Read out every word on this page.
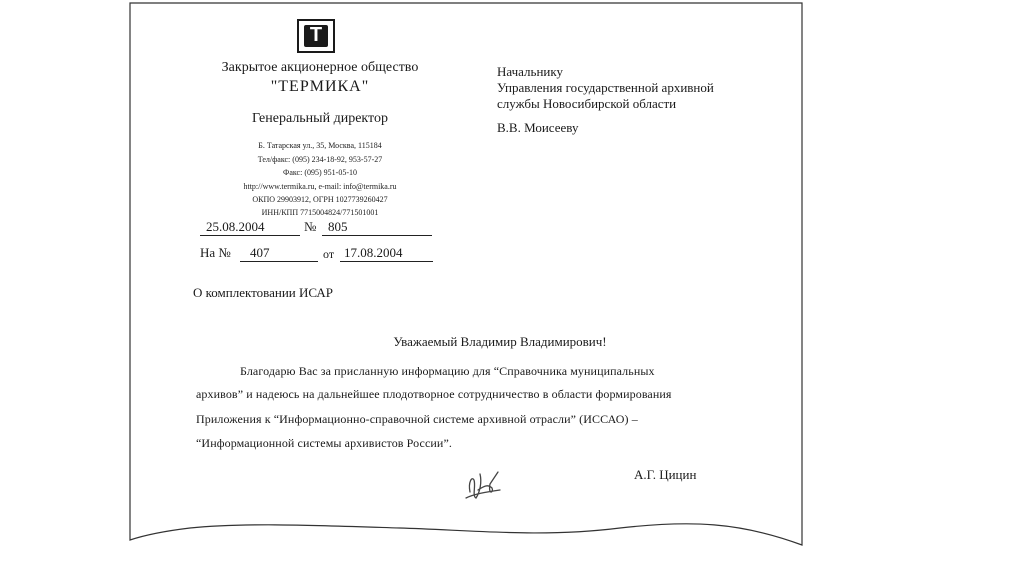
Т
Закрытое акционерное общество
"ТЕРМИКА"
Генеральный директор
Б. Татарская ул., 35, Москва, 115184
Тел/факс: (095) 234-18-92, 953-57-27
Факс: (095) 951-05-10
http://www.termika.ru, e-mail: info@termika.ru
ОКПО 29903912, ОГРН 1027739260427
ИНН/КПП 7715004824/771501001
25.08.2004	№ 805
На №	407	от 17.08.2004
Начальнику
Управления государственной архивной
службы Новосибирской области
В.В. Моисееву
О комплектовании ИСАР
Уважаемый Владимир Владимирович!
Благодарю Вас за присланную информацию для “Справочника муниципальных
архивов” и надеюсь на дальнейшее плодотворное сотрудничество в области формирования
Приложения к “Информационно-справочной системе архивной отрасли” (ИССАО) –
“Информационной системы архивистов России”.
А.Г. Цицин
